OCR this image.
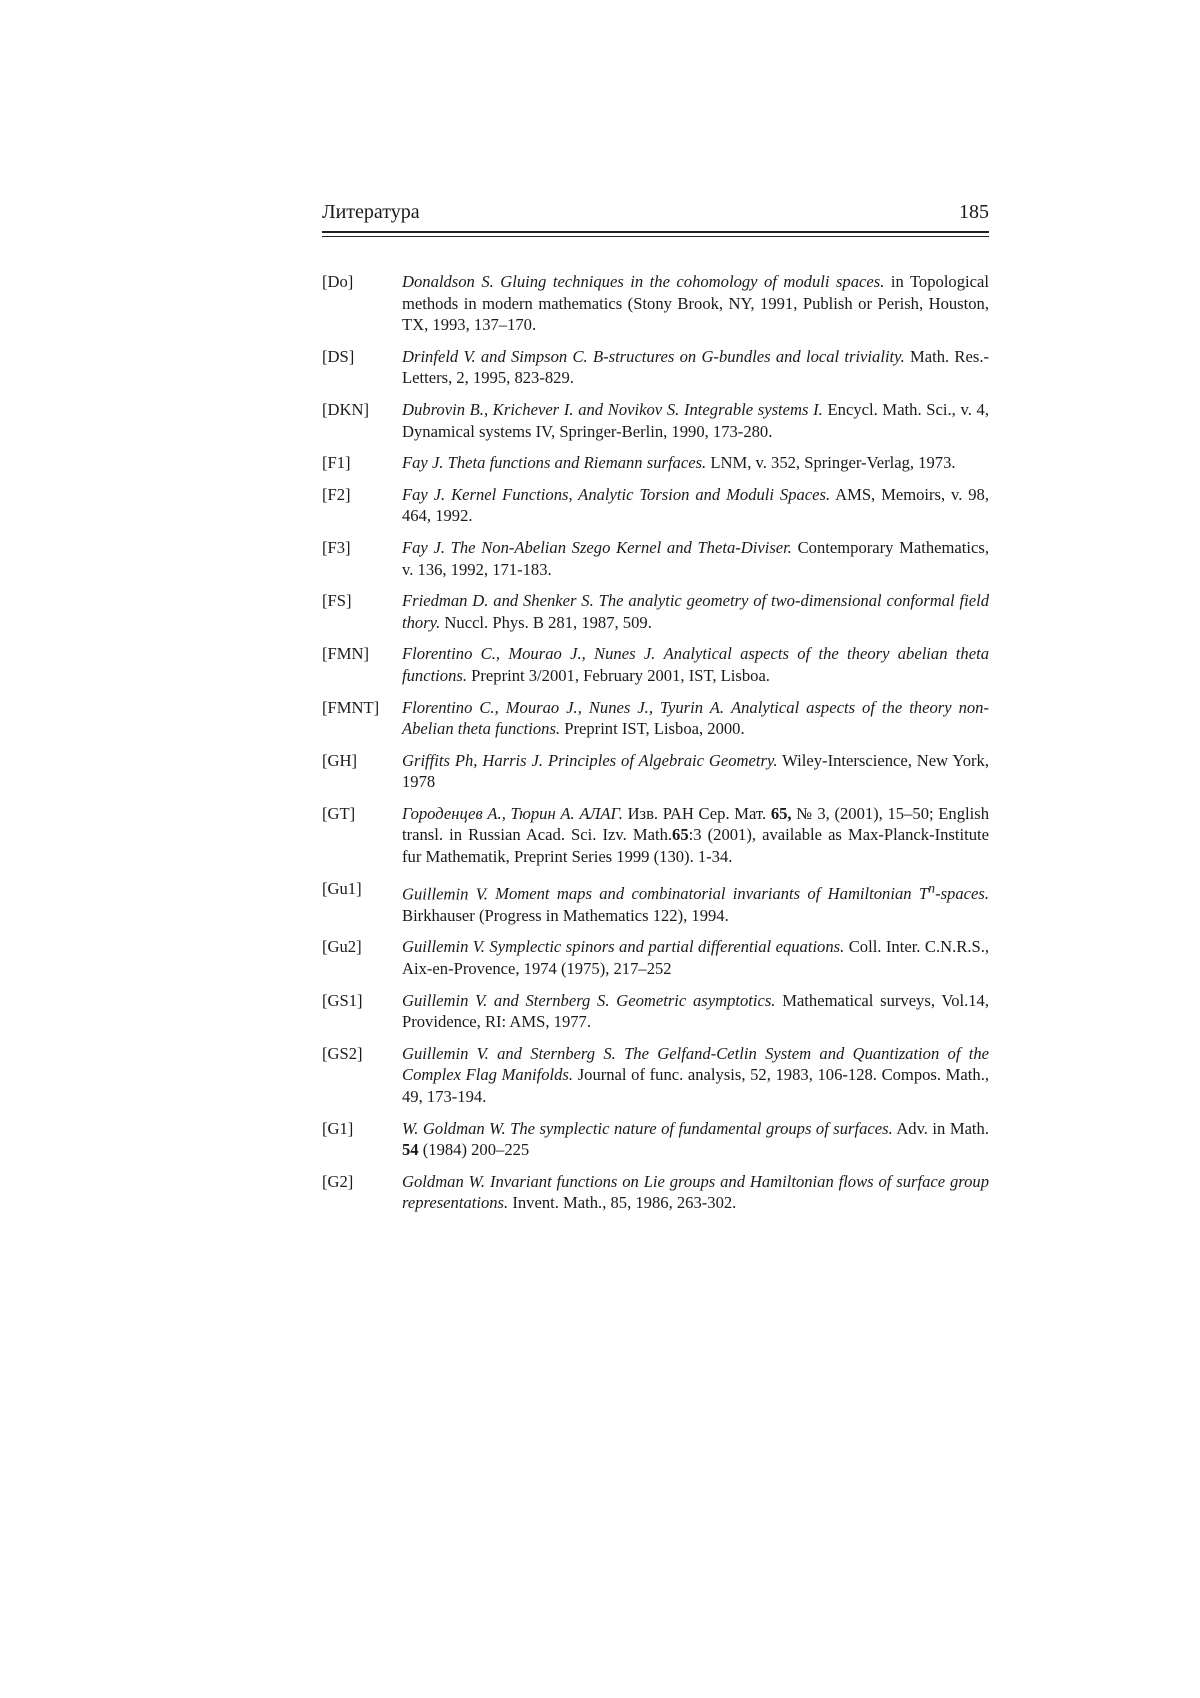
Литература	185
[Do]	Donaldson S. Gluing techniques in the cohomology of moduli spaces. in Topological methods in modern mathematics (Stony Brook, NY, 1991, Publish or Perish, Houston, TX, 1993, 137–170.
[DS]	Drinfeld V. and Simpson C. B-structures on G-bundles and local triviality. Math. Res.-Letters, 2, 1995, 823-829.
[DKN]	Dubrovin B., Krichever I. and Novikov S. Integrable systems I. Encycl. Math. Sci., v. 4, Dynamical systems IV, Springer-Berlin, 1990, 173-280.
[F1]	Fay J. Theta functions and Riemann surfaces. LNM, v. 352, Springer-Verlag, 1973.
[F2]	Fay J. Kernel Functions, Analytic Torsion and Moduli Spaces. AMS, Memoirs, v. 98, 464, 1992.
[F3]	Fay J. The Non-Abelian Szego Kernel and Theta-Diviser. Contemporary Mathematics, v. 136, 1992, 171-183.
[FS]	Friedman D. and Shenker S. The analytic geometry of two-dimensional conformal field thory. Nuccl. Phys. B 281, 1987, 509.
[FMN]	Florentino C., Mourao J., Nunes J. Analytical aspects of the theory abelian theta functions. Preprint 3/2001, February 2001, IST, Lisboa.
[FMNT]	Florentino C., Mourao J., Nunes J., Tyurin A. Analytical aspects of the theory non-Abelian theta functions. Preprint IST, Lisboa, 2000.
[GH]	Griffits Ph, Harris J. Principles of Algebraic Geometry. Wiley-Interscience, New York, 1978
[GT]	Городенцев А., Тюрин А. АЛАГ. Изв. РАН Сер. Мат. 65, № 3, (2001), 15–50; English transl. in Russian Acad. Sci. Izv. Math.65:3 (2001), available as Max-Planck-Institute fur Mathematik, Preprint Series 1999 (130). 1-34.
[Gu1]	Guillemin V. Moment maps and combinatorial invariants of Hamiltonian $T^n$-spaces. Birkhauser (Progress in Mathematics 122), 1994.
[Gu2]	Guillemin V. Symplectic spinors and partial differential equations. Coll. Inter. C.N.R.S., Aix-en-Provence, 1974 (1975), 217–252
[GS1]	Guillemin V. and Sternberg S. Geometric asymptotics. Mathematical surveys, Vol.14, Providence, RI: AMS, 1977.
[GS2]	Guillemin V. and Sternberg S. The Gelfand-Cetlin System and Quantization of the Complex Flag Manifolds. Journal of func. analysis, 52, 1983, 106-128. Compos. Math., 49, 173-194.
[G1]	W. Goldman W. The symplectic nature of fundamental groups of surfaces. Adv. in Math. 54 (1984) 200–225
[G2]	Goldman W. Invariant functions on Lie groups and Hamiltonian flows of surface group representations. Invent. Math., 85, 1986, 263-302.
